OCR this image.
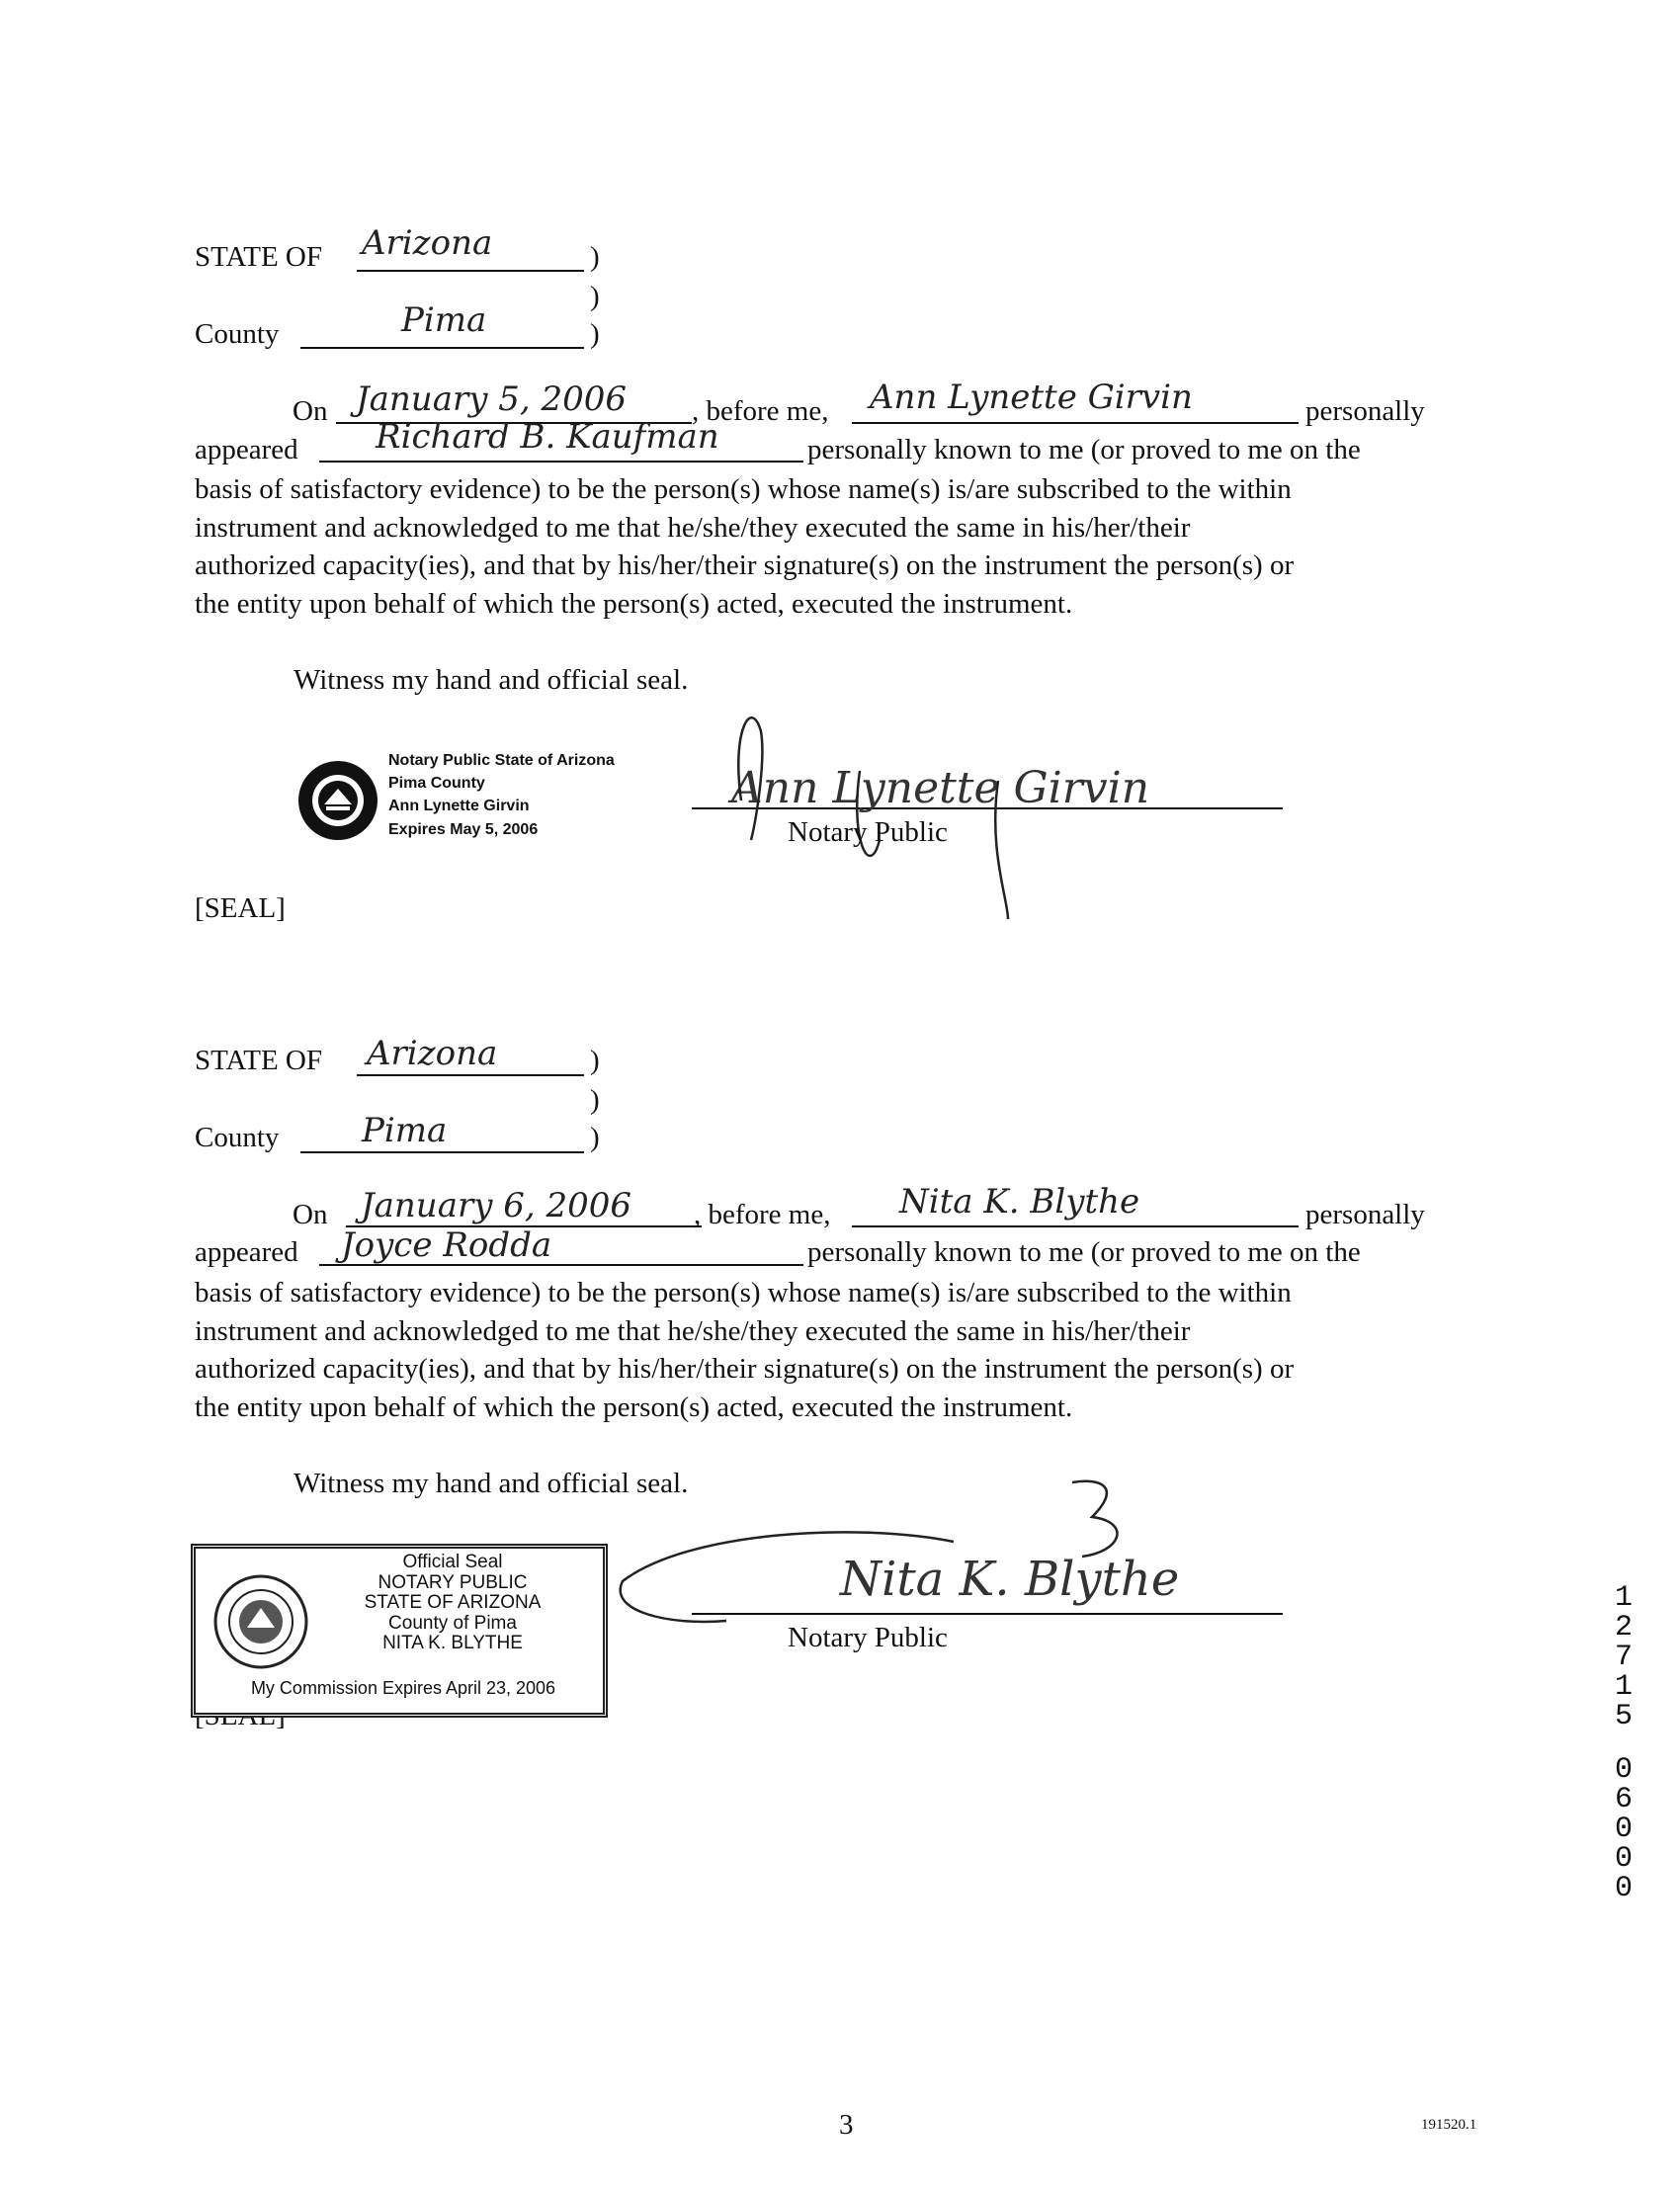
STATE OF Arizona	)
)
County	Pima	)
On January 5, 2006 , before me, Ann Lynette Girvin	personally
appeared Richard B. Kaufman	personally known to me (or proved to me on the
basis of satisfactory evidence) to be the person(s) whose name(s) is/are subscribed to the within
instrument and acknowledged to me that he/she/they executed the same in his/her/their
authorized capacity(ies), and that by his/her/their signature(s) on the instrument the person(s) or
the entity upon behalf of which the person(s) acted, executed the instrument.
Witness my hand and official seal.
Notary Public State of Arizona
Pima County
Ann Lynette Girvin
Expires May 5, 2006
Ann Lynette Girvin
Notary Public
[SEAL]
STATE OF Arizona	)
)
County Pima	)
On January 6, 2006 , before me, Nita K. Blythe	personally
appeared Joyce Rodda	personally known to me (or proved to me on the
basis of satisfactory evidence) to be the person(s) whose name(s) is/are subscribed to the within
instrument and acknowledged to me that he/she/they executed the same in his/her/their
authorized capacity(ies), and that by his/her/their signature(s) on the instrument the person(s) or
the entity upon behalf of which the person(s) acted, executed the instrument.
Witness my hand and official seal.
Official Seal
NOTARY PUBLIC
STATE OF ARIZONA
County of Pima
NITA K. BLYTHE
My Commission Expires April 23, 2006
Nita K. Blythe
Notary Public
3	191520.1
1
2
7
1
5
0
6
0
0
0
